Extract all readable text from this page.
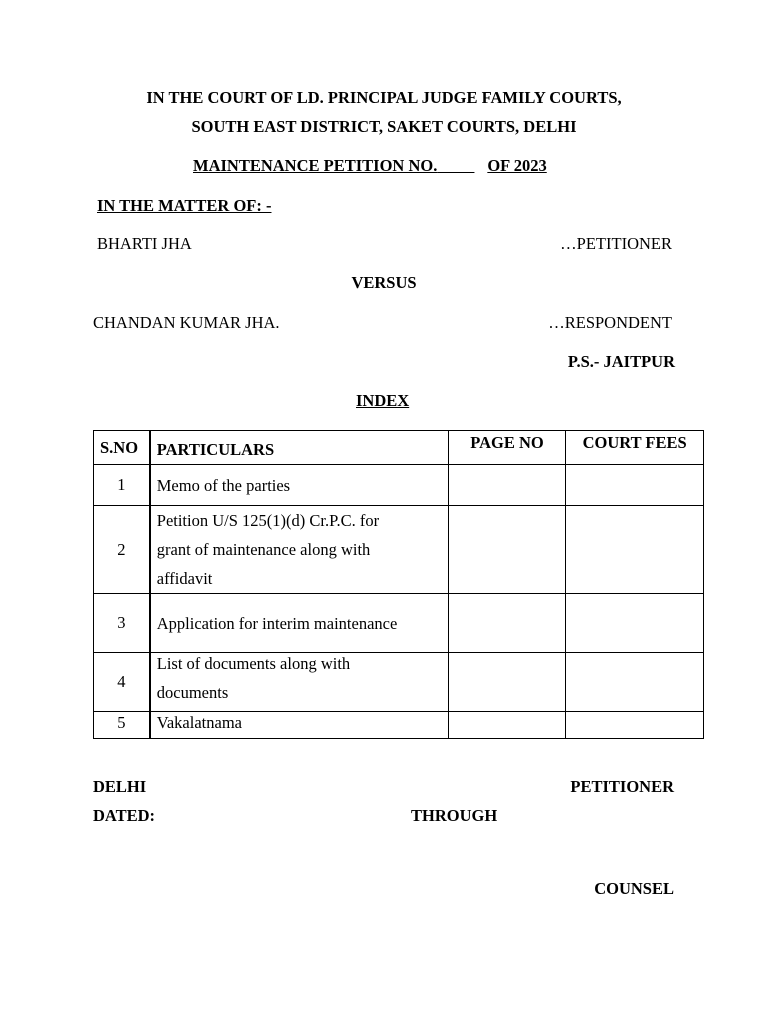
IN THE COURT OF LD. PRINCIPAL JUDGE FAMILY COURTS,
SOUTH EAST DISTRICT, SAKET COURTS, DELHI
MAINTENANCE PETITION NO.	OF 2023
IN THE MATTER OF: -
BHARTI JHA	…PETITIONER
VERSUS
CHANDAN KUMAR JHA.	…RESPONDENT
P.S.- JAITPUR
INDEX
S.NO	PARTICULARS	PAGE NO	COURT FEES
1	Memo of the parties		
2	Petition U/S 125(1)(d) Cr.P.C. for
grant of maintenance along with
affidavit		

3	Application for interim maintenance		
4	List of documents along with
documents		

5	Vakalatnama		
DELHI	PETITIONER
DATED:	THROUGH
COUNSEL
